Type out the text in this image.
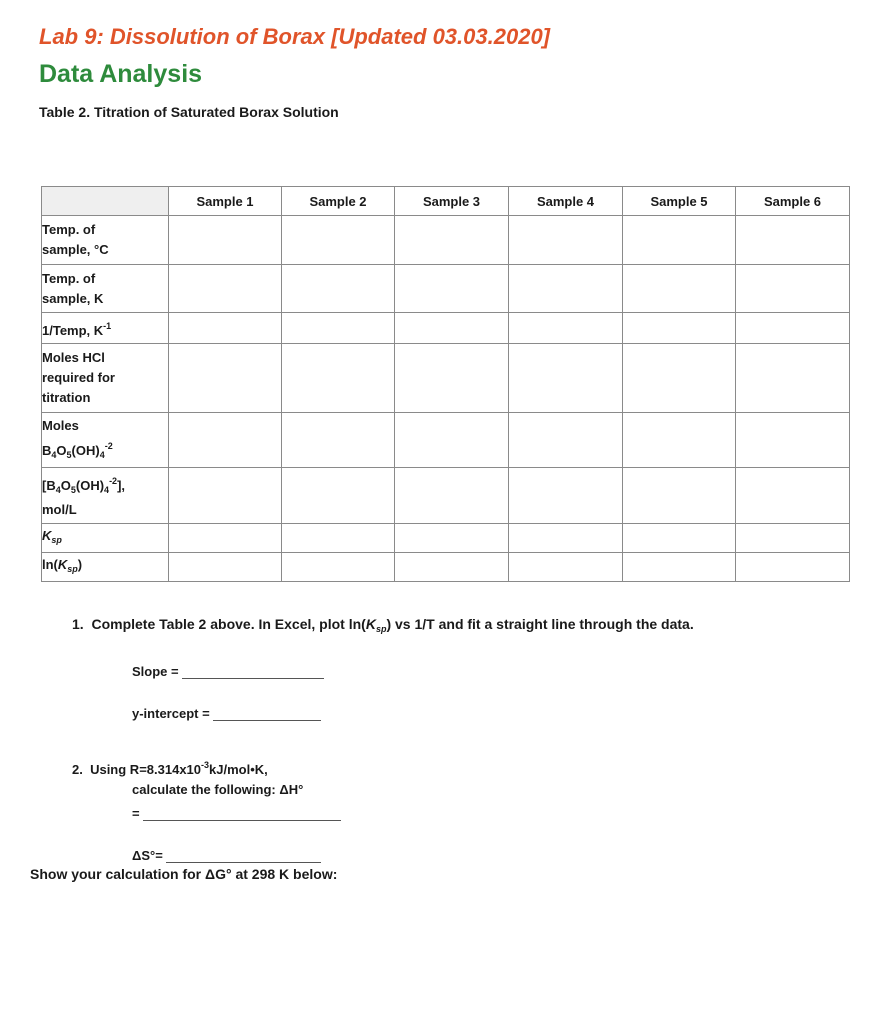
Lab 9: Dissolution of Borax [Updated 03.03.2020]
Data Analysis
Table 2. Titration of Saturated Borax Solution
	Sample 1	Sample 2	Sample 3	Sample 4	Sample 5	Sample 6

Temp. of
sample, °C						

Temp. of
sample, K						

1/Temp, $K^{-1}$						

Moles HCl
required for
titration						

Moles
$B_4O_5(OH)_4^{-2}$

$[B_4O_5(OH)_4^{-2}]$,
mol/L						

$K_{sp}$						
$\ln(K_{sp})$						
1. Complete Table 2 above. In Excel, plot $\ln(K_{sp})$ vs 1/T and fit a straight line through the data.
Slope =
y-intercept =
2. Using $R=8.314x10^{-3}kJ/mol•K$,
calculate the following: ΔH°
=
ΔS°=
Show your calculation for ΔG° at 298 K below:
